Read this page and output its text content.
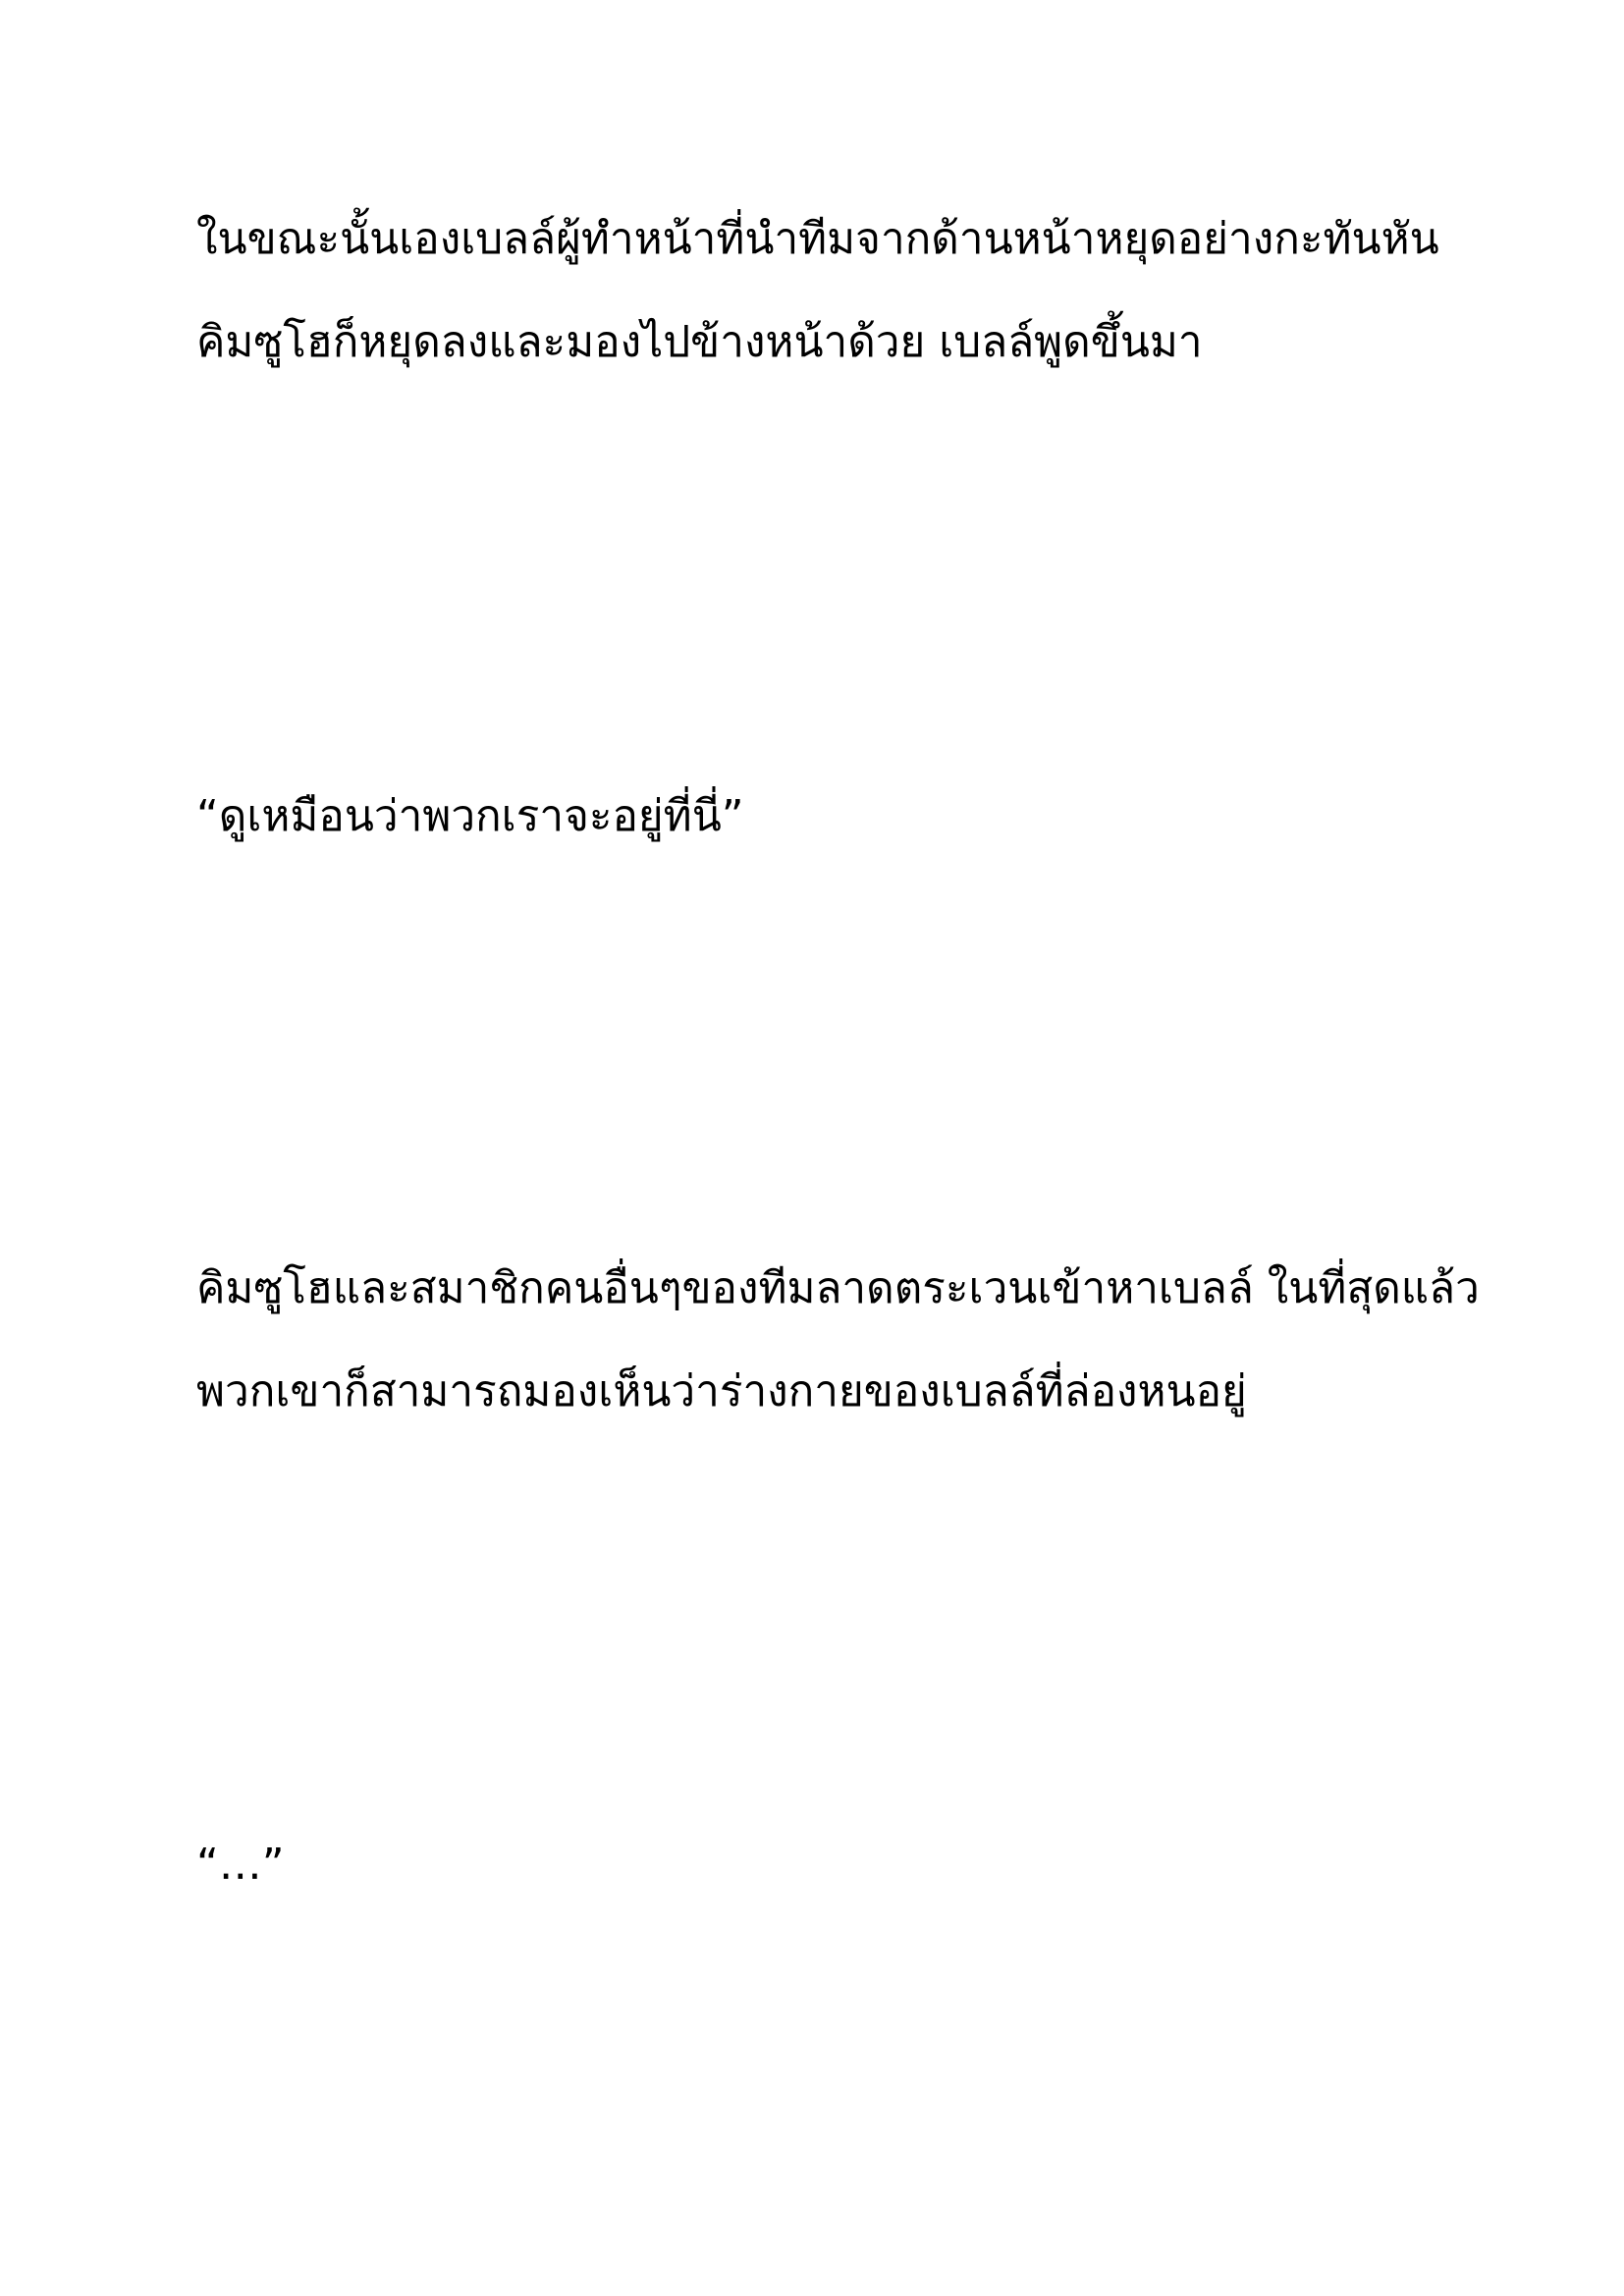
ในขณะนั้นเองเบลล์ผู้ทำหน้าที่นำทีมจากด้านหน้าหยุดอย่างกะทันหัน

คิมซูโฮก็หยุดลงและมองไปข้างหน้าด้วย เบลล์พูดขึ้นมา

“ดูเหมือนว่าพวกเราจะอยู่ที่นี่”

คิมซูโฮและสมาชิกคนอื่นๆของทีมลาดตระเวนเข้าหาเบลล์ ในที่สุดแล้ว

พวกเขาก็สามารถมองเห็นว่าร่างกายของเบลล์ที่ล่องหนอยู่

“…”
